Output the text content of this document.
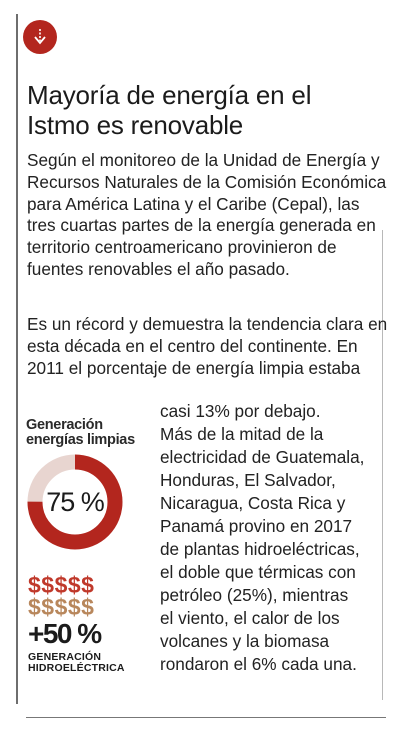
Mayoría de energía en el
Istmo es renovable

Según el monitoreo de la Unidad de Energía y Recursos Naturales de la Comisión Económica para América Latina y el Caribe (Cepal), las tres cuartas partes de la energía generada en territorio centroamericano provinieron de fuentes renovables el año pasado.

Es un récord y demuestra la tendencia clara en esta década en el centro del continente. En 2011 el porcentaje de energía limpia estaba

casi 13% por debajo.
Más de la mitad de la
electricidad de Guatemala,
Honduras, El Salvador,
Nicaragua, Costa Rica y
Panamá provino en 2017
de plantas hidroeléctricas,
el doble que térmicas con
petróleo (25%), mientras
el viento, el calor de los
volcanes y la biomasa
rondaron el 6% cada una.
Generación
energías limpias
75 %
$$$$$
$$$$$
+50 %
GENERACIÓN
HIDROELÉCTRICA
